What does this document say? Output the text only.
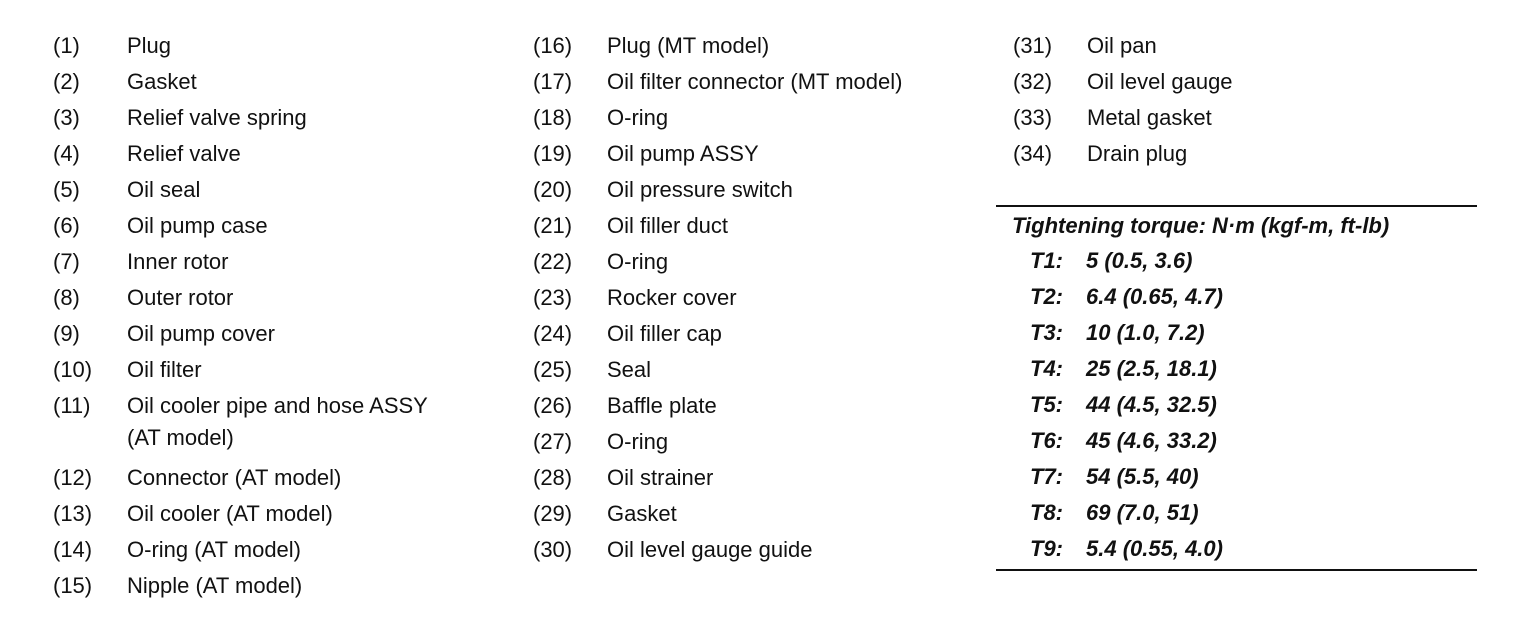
(1)	Plug
(2)	Gasket
(3)	Relief valve spring
(4)	Relief valve
(5)	Oil seal
(6)	Oil pump case
(7)	Inner rotor
(8)	Outer rotor
(9)	Oil pump cover
(10)	Oil filter
(11)	Oil cooler pipe and hose ASSY
(AT model)
(12)	Connector (AT model)
(13)	Oil cooler (AT model)
(14)	O-ring (AT model)
(15)	Nipple (AT model)
(16)	Plug (MT model)
(17)	Oil filter connector (MT model)
(18)	O-ring
(19)	Oil pump ASSY
(20)	Oil pressure switch
(21)	Oil filler duct
(22)	O-ring
(23)	Rocker cover
(24)	Oil filler cap
(25)	Seal
(26)	Baffle plate
(27)	O-ring
(28)	Oil strainer
(29)	Gasket
(30)	Oil level gauge guide
(31)	Oil pan
(32)	Oil level gauge
(33)	Metal gasket
(34)	Drain plug
Tightening torque: N·m (kgf-m, ft-lb)
T1:	5 (0.5, 3.6)
T2:	6.4 (0.65, 4.7)
T3:	10 (1.0, 7.2)
T4:	25 (2.5, 18.1)
T5:	44 (4.5, 32.5)
T6:	45 (4.6, 33.2)
T7:	54 (5.5, 40)
T8:	69 (7.0, 51)
T9:	5.4 (0.55, 4.0)
